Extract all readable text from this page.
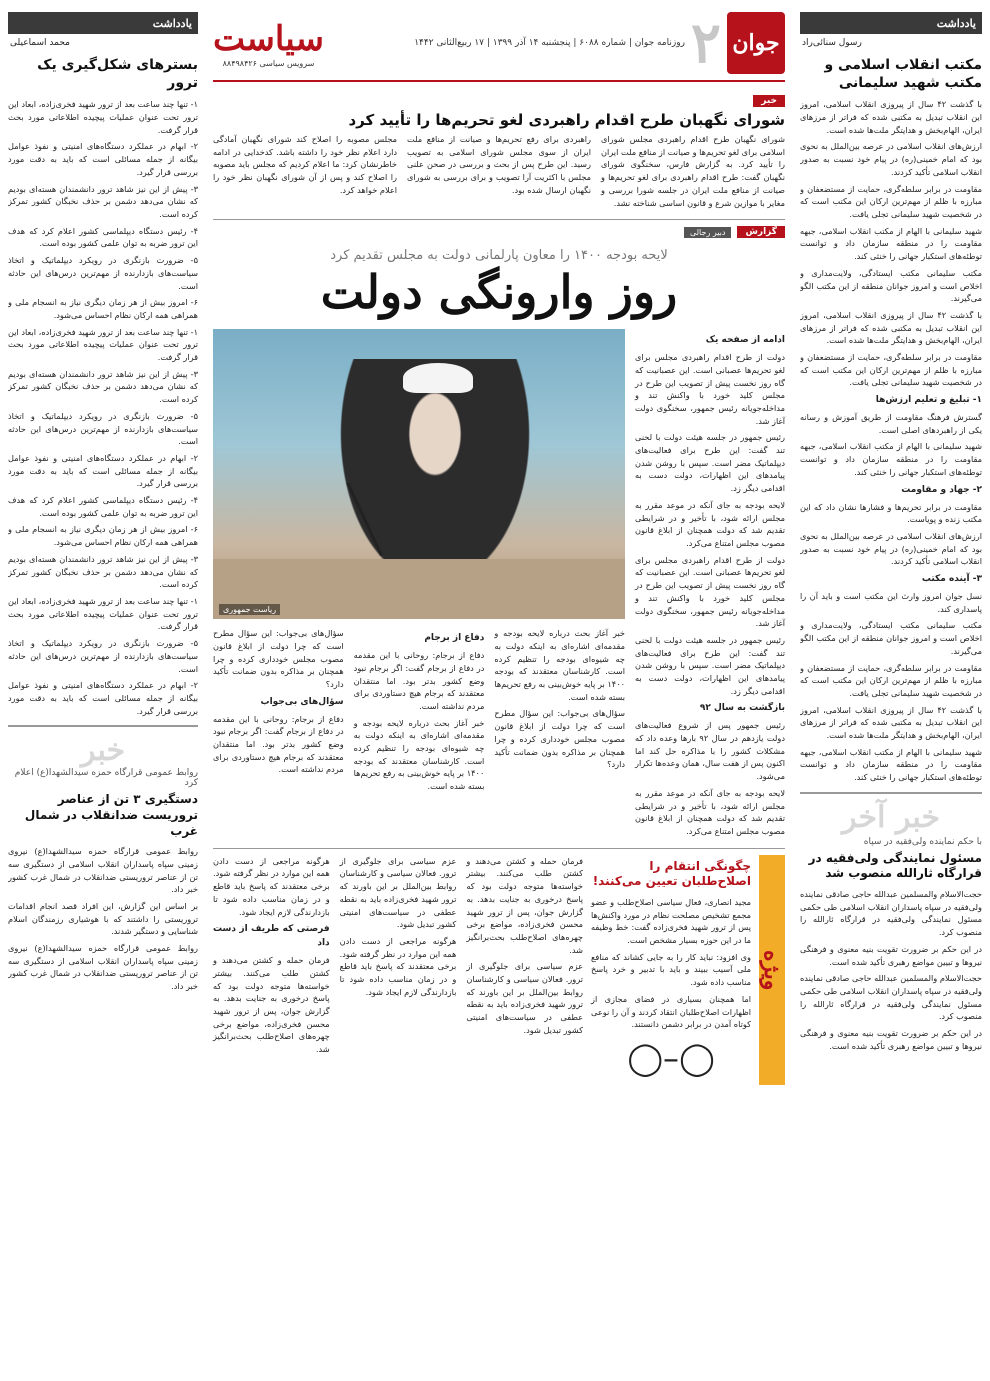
یادداشت
رسول سنائی‌راد
مکتب انقلاب اسلامی و مکتب شهید سلیمانی

با گذشت ۴۲ سال از پیروزی انقلاب اسلامی، امروز این انقلاب تبدیل به مکتبی شده که فراتر از مرزهای ایران، الهام‌بخش و هدایتگر ملت‌ها شده است.

ارزش‌های انقلاب اسلامی در عرصه بین‌الملل به نحوی بود که امام خمینی(ره) در پیام خود نسبت به صدور انقلاب اسلامی تأکید کردند.

مقاومت در برابر سلطه‌گری، حمایت از مستضعفان و مبارزه با ظلم از مهم‌ترین ارکان این مکتب است که در شخصیت شهید سلیمانی تجلی یافت.

شهید سلیمانی با الهام از مکتب انقلاب اسلامی، جبهه مقاومت را در منطقه سازمان داد و توانست توطئه‌های استکبار جهانی را خنثی کند.

مکتب سلیمانی مکتب ایستادگی، ولایت‌مداری و اخلاص است و امروز جوانان منطقه از این مکتب الگو می‌گیرند.

با گذشت ۴۲ سال از پیروزی انقلاب اسلامی، امروز این انقلاب تبدیل به مکتبی شده که فراتر از مرزهای ایران، الهام‌بخش و هدایتگر ملت‌ها شده است.

مقاومت در برابر سلطه‌گری، حمایت از مستضعفان و مبارزه با ظلم از مهم‌ترین ارکان این مکتب است که در شخصیت شهید سلیمانی تجلی یافت.

۱- تبلیغ و تعلیم ارزش‌ها

گسترش فرهنگ مقاومت از طریق آموزش و رسانه یکی از راهبردهای اصلی است.

شهید سلیمانی با الهام از مکتب انقلاب اسلامی، جبهه مقاومت را در منطقه سازمان داد و توانست توطئه‌های استکبار جهانی را خنثی کند.

۲- جهاد و مقاومت

مقاومت در برابر تحریم‌ها و فشارها نشان داد که این مکتب زنده و پویاست.

ارزش‌های انقلاب اسلامی در عرصه بین‌الملل به نحوی بود که امام خمینی(ره) در پیام خود نسبت به صدور انقلاب اسلامی تأکید کردند.

۳- آینده مکتب

نسل جوان امروز وارث این مکتب است و باید آن را پاسداری کند.

مکتب سلیمانی مکتب ایستادگی، ولایت‌مداری و اخلاص است و امروز جوانان منطقه از این مکتب الگو می‌گیرند.

مقاومت در برابر سلطه‌گری، حمایت از مستضعفان و مبارزه با ظلم از مهم‌ترین ارکان این مکتب است که در شخصیت شهید سلیمانی تجلی یافت.

با گذشت ۴۲ سال از پیروزی انقلاب اسلامی، امروز این انقلاب تبدیل به مکتبی شده که فراتر از مرزهای ایران، الهام‌بخش و هدایتگر ملت‌ها شده است.

شهید سلیمانی با الهام از مکتب انقلاب اسلامی، جبهه مقاومت را در منطقه سازمان داد و توانست توطئه‌های استکبار جهانی را خنثی کند.

خبر آخر
با حکم نماینده ولی‌فقیه در سپاه
مسئول نمایندگی ولی‌فقیه در قرارگاه ثارالله منصوب شد

حجت‌الاسلام والمسلمین عبدالله حاجی صادقی نماینده ولی‌فقیه در سپاه پاسداران انقلاب اسلامی طی حکمی مسئول نمایندگی ولی‌فقیه در قرارگاه ثارالله را منصوب کرد.

در این حکم بر ضرورت تقویت بنیه معنوی و فرهنگی نیروها و تبیین مواضع رهبری تأکید شده است.

حجت‌الاسلام والمسلمین عبدالله حاجی صادقی نماینده ولی‌فقیه در سپاه پاسداران انقلاب اسلامی طی حکمی مسئول نمایندگی ولی‌فقیه در قرارگاه ثارالله را منصوب کرد.

در این حکم بر ضرورت تقویت بنیه معنوی و فرهنگی نیروها و تبیین مواضع رهبری تأکید شده است.

جوان
۲
روزنامه جوان | شماره ۶۰۸۸ | پنجشنبه ۱۴ آذر ۱۳۹۹ | ۱۷ ربیع‌الثانی ۱۴۴۲
سیاست
سرویس سیاسی ۸۸۴۹۸۴۲۶
خبر
شورای نگهبان طرح اقدام راهبردی لغو تحریم‌ها را تأیید کرد

شورای نگهبان طرح اقدام راهبردی مجلس شورای اسلامی برای لغو تحریم‌ها و صیانت از منافع ملت ایران را تأیید کرد. به گزارش فارس، سخنگوی شورای نگهبان گفت: طرح اقدام راهبردی برای لغو تحریم‌ها و صیانت از منافع ملت ایران در جلسه شورا بررسی و مغایر با موازین شرع و قانون اساسی شناخته نشد.

راهبردی برای رفع تحریم‌ها و صیانت از منافع ملت ایران از سوی مجلس شورای اسلامی به تصویب رسید. این طرح پس از بحث و بررسی در صحن علنی مجلس با اکثریت آرا تصویب و برای بررسی به شورای نگهبان ارسال شده بود.

مجلس مصوبه را اصلاح کند شورای نگهبان آمادگی دارد اعلام نظر خود را داشته باشد. کدخدایی در ادامه خاطرنشان کرد: ما اعلام کردیم که مجلس باید مصوبه را اصلاح کند و پس از آن شورای نگهبان نظر خود را اعلام خواهد کرد.

گزارش
دبیر رجالی
لایحه بودجه ۱۴۰۰ را معاون پارلمانی دولت به مجلس تقدیم کرد
روز وارونگی دولت
ادامه از صفحه یک

دولت از طرح اقدام راهبردی مجلس برای لغو تحریم‌ها عصبانی است. این عصبانیت که گاه روز نخست پیش از تصویب این طرح در مجلس کلید خورد با واکنش تند و مداخله‌جویانه رئیس جمهور، سخنگوی دولت آغاز شد.

رئیس جمهور در جلسه هیئت دولت با لحنی تند گفت: این طرح برای فعالیت‌های دیپلماتیک مضر است. سپس با روشن شدن پیامدهای این اظهارات، دولت دست به اقدامی دیگر زد.

لایحه بودجه به جای آنکه در موعد مقرر به مجلس ارائه شود، با تأخیر و در شرایطی تقدیم شد که دولت همچنان از ابلاغ قانون مصوب مجلس امتناع می‌کرد.

دولت از طرح اقدام راهبردی مجلس برای لغو تحریم‌ها عصبانی است. این عصبانیت که گاه روز نخست پیش از تصویب این طرح در مجلس کلید خورد با واکنش تند و مداخله‌جویانه رئیس جمهور، سخنگوی دولت آغاز شد.

رئیس جمهور در جلسه هیئت دولت با لحنی تند گفت: این طرح برای فعالیت‌های دیپلماتیک مضر است. سپس با روشن شدن پیامدهای این اظهارات، دولت دست به اقدامی دیگر زد.

بازگشت به سال ۹۲

رئیس جمهور پس از شروع فعالیت‌های دولت یازدهم در سال ۹۲ بارها وعده داد که مشکلات کشور را با مذاکره حل کند اما اکنون پس از هفت سال، همان وعده‌ها تکرار می‌شود.

لایحه بودجه به جای آنکه در موعد مقرر به مجلس ارائه شود، با تأخیر و در شرایطی تقدیم شد که دولت همچنان از ابلاغ قانون مصوب مجلس امتناع می‌کرد.

ریاست جمهوری

خبر آغاز بحث درباره لایحه بودجه و مقدمه‌ای اشاره‌ای به اینکه دولت به چه شیوه‌ای بودجه را تنظیم کرده است. کارشناسان معتقدند که بودجه ۱۴۰۰ بر پایه خوش‌بینی به رفع تحریم‌ها بسته شده است.

سؤال‌های بی‌جواب: این سؤال مطرح است که چرا دولت از ابلاغ قانون مصوب مجلس خودداری کرده و چرا همچنان بر مذاکره بدون ضمانت تأکید دارد؟

دفاع از برجام

دفاع از برجام: روحانی با این مقدمه در دفاع از برجام گفت: اگر برجام نبود وضع کشور بدتر بود. اما منتقدان معتقدند که برجام هیچ دستاوردی برای مردم نداشته است.

خبر آغاز بحث درباره لایحه بودجه و مقدمه‌ای اشاره‌ای به اینکه دولت به چه شیوه‌ای بودجه را تنظیم کرده است. کارشناسان معتقدند که بودجه ۱۴۰۰ بر پایه خوش‌بینی به رفع تحریم‌ها بسته شده است.

سؤال‌های بی‌جواب: این سؤال مطرح است که چرا دولت از ابلاغ قانون مصوب مجلس خودداری کرده و چرا همچنان بر مذاکره بدون ضمانت تأکید دارد؟

سؤال‌های بی‌جواب

دفاع از برجام: روحانی با این مقدمه در دفاع از برجام گفت: اگر برجام نبود وضع کشور بدتر بود. اما منتقدان معتقدند که برجام هیچ دستاوردی برای مردم نداشته است.

ویژه
چگونگی انتقام را اصلاح‌طلبان تعیین می‌کنند!

مجید انصاری، فعال سیاسی اصلاح‌طلب و عضو مجمع تشخیص مصلحت نظام در مورد واکنش‌ها پس از ترور شهید فخری‌زاده گفت: خط وظیفه ما در این حوزه بسیار مشخص است.

وی افزود: نباید کار را به جایی کشاند که منافع ملی آسیب ببیند و باید با تدبیر و خرد پاسخ مناسب داده شود.

اما همچنان بسیاری در فضای مجازی از اظهارات اصلاح‌طلبان انتقاد کردند و آن را نوعی کوتاه آمدن در برابر دشمن دانستند.

◯–◯

فرمان حمله و کشتن می‌دهند و کشتن طلب می‌کنند. بیشتر خواسته‌ها متوجه دولت بود که پاسخ درخوری به جنایت بدهد. به گزارش جوان، پس از ترور شهید محسن فخری‌زاده، مواضع برخی چهره‌های اصلاح‌طلب بحث‌برانگیز شد.

عزم سیاسی برای جلوگیری از ترور. فعالان سیاسی و کارشناسان روابط بین‌الملل بر این باورند که ترور شهید فخری‌زاده باید به نقطه عطفی در سیاست‌های امنیتی کشور تبدیل شود.

عزم سیاسی برای جلوگیری از ترور. فعالان سیاسی و کارشناسان روابط بین‌الملل بر این باورند که ترور شهید فخری‌زاده باید به نقطه عطفی در سیاست‌های امنیتی کشور تبدیل شود.

هرگونه مراجعی از دست دادن همه این موارد در نظر گرفته شود. برخی معتقدند که پاسخ باید قاطع و در زمان مناسب داده شود تا بازدارندگی لازم ایجاد شود.

هرگونه مراجعی از دست دادن همه این موارد در نظر گرفته شود. برخی معتقدند که پاسخ باید قاطع و در زمان مناسب داده شود تا بازدارندگی لازم ایجاد شود.

فرصتی که طریف از دست داد

فرمان حمله و کشتن می‌دهند و کشتن طلب می‌کنند. بیشتر خواسته‌ها متوجه دولت بود که پاسخ درخوری به جنایت بدهد. به گزارش جوان، پس از ترور شهید محسن فخری‌زاده، مواضع برخی چهره‌های اصلاح‌طلب بحث‌برانگیز شد.

یادداشت
محمد اسماعیلی
بسترهای شکل‌گیری یک ترور

۱- تنها چند ساعت بعد از ترور شهید فخری‌زاده، ابعاد این ترور تحت عنوان عملیات پیچیده اطلاعاتی مورد بحث قرار گرفت.

۲- ابهام در عملکرد دستگاه‌های امنیتی و نفوذ عوامل بیگانه از جمله مسائلی است که باید به دقت مورد بررسی قرار گیرد.

۳- پیش از این نیز شاهد ترور دانشمندان هسته‌ای بودیم که نشان می‌دهد دشمن بر حذف نخبگان کشور تمرکز کرده است.

۴- رئیس دستگاه دیپلماسی کشور اعلام کرد که هدف این ترور ضربه به توان علمی کشور بوده است.

۵- ضرورت بازنگری در رویکرد دیپلماتیک و اتخاذ سیاست‌های بازدارنده از مهم‌ترین درس‌های این حادثه است.

۶- امروز بیش از هر زمان دیگری نیاز به انسجام ملی و همراهی همه ارکان نظام احساس می‌شود.

۱- تنها چند ساعت بعد از ترور شهید فخری‌زاده، ابعاد این ترور تحت عنوان عملیات پیچیده اطلاعاتی مورد بحث قرار گرفت.

۳- پیش از این نیز شاهد ترور دانشمندان هسته‌ای بودیم که نشان می‌دهد دشمن بر حذف نخبگان کشور تمرکز کرده است.

۵- ضرورت بازنگری در رویکرد دیپلماتیک و اتخاذ سیاست‌های بازدارنده از مهم‌ترین درس‌های این حادثه است.

۲- ابهام در عملکرد دستگاه‌های امنیتی و نفوذ عوامل بیگانه از جمله مسائلی است که باید به دقت مورد بررسی قرار گیرد.

۴- رئیس دستگاه دیپلماسی کشور اعلام کرد که هدف این ترور ضربه به توان علمی کشور بوده است.

۶- امروز بیش از هر زمان دیگری نیاز به انسجام ملی و همراهی همه ارکان نظام احساس می‌شود.

۳- پیش از این نیز شاهد ترور دانشمندان هسته‌ای بودیم که نشان می‌دهد دشمن بر حذف نخبگان کشور تمرکز کرده است.

۱- تنها چند ساعت بعد از ترور شهید فخری‌زاده، ابعاد این ترور تحت عنوان عملیات پیچیده اطلاعاتی مورد بحث قرار گرفت.

۵- ضرورت بازنگری در رویکرد دیپلماتیک و اتخاذ سیاست‌های بازدارنده از مهم‌ترین درس‌های این حادثه است.

۲- ابهام در عملکرد دستگاه‌های امنیتی و نفوذ عوامل بیگانه از جمله مسائلی است که باید به دقت مورد بررسی قرار گیرد.

خبر
روابط عمومی قرارگاه حمزه سیدالشهدا(ع) اعلام کرد
دستگیری ۳ تن از عناصر تروریست ضدانقلاب در شمال غرب

روابط عمومی قرارگاه حمزه سیدالشهدا(ع) نیروی زمینی سپاه پاسداران انقلاب اسلامی از دستگیری سه تن از عناصر تروریستی ضدانقلاب در شمال غرب کشور خبر داد.

بر اساس این گزارش، این افراد قصد انجام اقدامات تروریستی را داشتند که با هوشیاری رزمندگان اسلام شناسایی و دستگیر شدند.

روابط عمومی قرارگاه حمزه سیدالشهدا(ع) نیروی زمینی سپاه پاسداران انقلاب اسلامی از دستگیری سه تن از عناصر تروریستی ضدانقلاب در شمال غرب کشور خبر داد.
